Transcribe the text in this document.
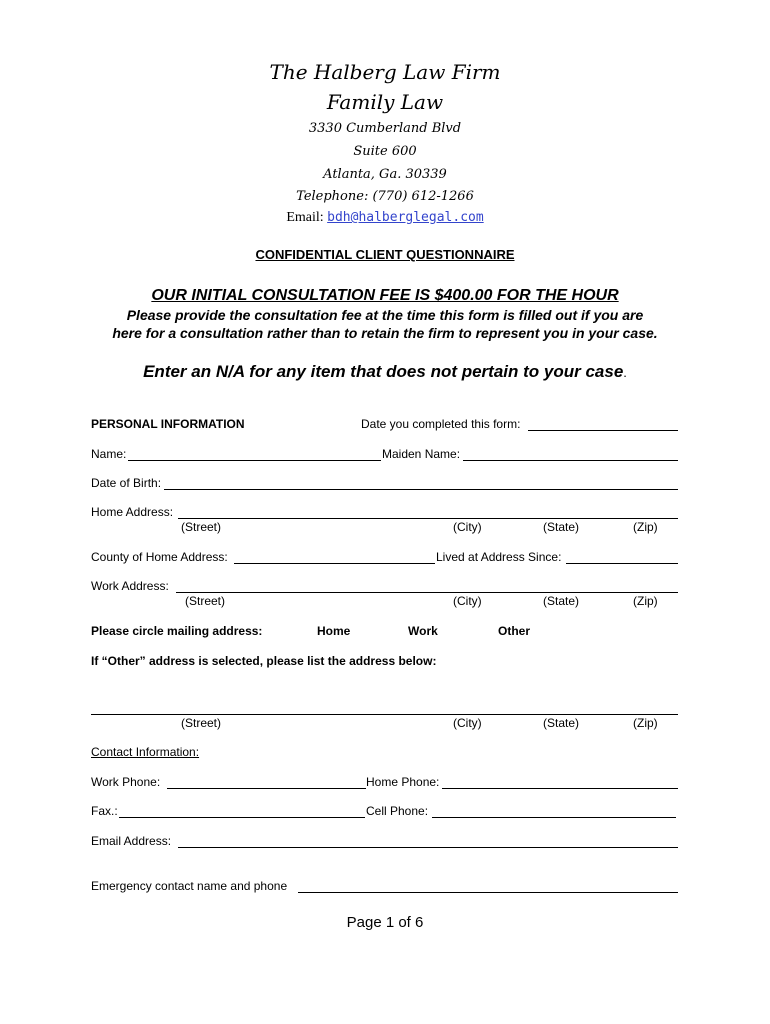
The Halberg Law Firm
Family Law
3330 Cumberland Blvd
Suite 600
Atlanta, Ga. 30339
Telephone: (770) 612-1266
Email: bdh@halberglegal.com
CONFIDENTIAL CLIENT QUESTIONNAIRE
OUR INITIAL CONSULTATION FEE IS $400.00 FOR THE HOUR
Please provide the consultation fee at the time this form is filled out if you are
here for a consultation rather than to retain the firm to represent you in your case.
Enter an N/A for any item that does not pertain to your case.
PERSONAL INFORMATION	Date you completed this form:
Name:	Maiden Name:
Date of Birth:
Home Address:
(Street)	(City)	(State)	(Zip)
County of Home Address:	Lived at Address Since:
Work Address:
(Street)	(City)	(State)	(Zip)
Please circle mailing address:	Home	Work	Other
If “Other” address is selected, please list the address below:
(Street)	(City)	(State)	(Zip)
Contact Information:
Work Phone:	Home Phone:
Fax.:	Cell Phone:
Email Address:
Emergency contact name and phone
Page 1 of 6
